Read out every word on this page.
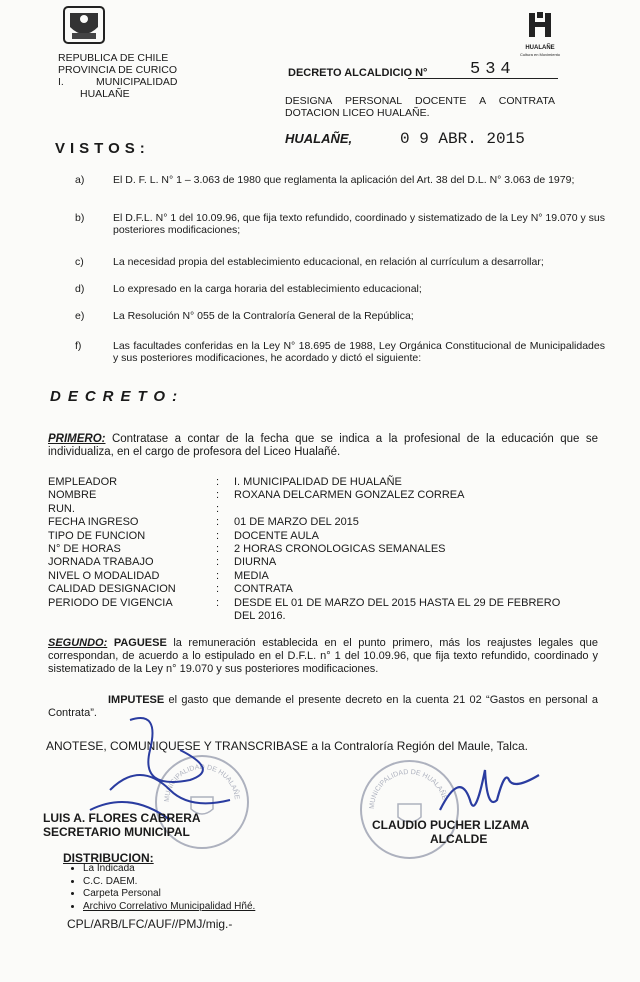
HUALAÑE
Cultura en Movimiento
REPUBLICA DE CHILE
PROVINCIA DE CURICO
I.	MUNICIPALIDAD
HUALAÑE
DECRETO ALCALDICIO N°	534
DESIGNA PERSONAL DOCENTE A CONTRATA DOTACION LICEO HUALAÑE.
HUALAÑE,	0 9 ABR. 2015
VISTOS:
a)	El D. F. L. N° 1 – 3.063 de 1980 que reglamenta la aplicación del Art. 38 del D.L. N° 3.063 de 1979;
b)	El D.F.L. N° 1 del 10.09.96, que fija texto refundido, coordinado y sistematizado de la Ley N° 19.070 y sus posteriores modificaciones;
c)	La necesidad propia del establecimiento educacional, en relación al currículum a desarrollar;
d)	Lo expresado en la carga horaria del establecimiento educacional;
e)	La Resolución N° 055 de la Contraloría General de la República;
f)	Las facultades conferidas en la Ley N° 18.695 de 1988, Ley Orgánica Constitucional de Municipalidades y sus posteriores modificaciones, he acordado y dictó el siguiente:
DECRETO:
PRIMERO: Contratase a contar de la fecha que se indica a la profesional de la educación que se individualiza, en el cargo de profesora del Liceo Hualañé.
EMPLEADOR	: I. MUNICIPALIDAD DE HUALAÑE
NOMBRE	: ROXANA DELCARMEN GONZALEZ CORREA
RUN.	:
FECHA INGRESO	: 01 DE MARZO DEL 2015
TIPO DE FUNCION	: DOCENTE AULA
N° DE HORAS	: 2 HORAS CRONOLOGICAS SEMANALES
JORNADA TRABAJO	: DIURNA
NIVEL O MODALIDAD	: MEDIA
CALIDAD DESIGNACION	: CONTRATA
PERIODO DE VIGENCIA	: DESDE EL 01 DE MARZO DEL 2015 HASTA EL 29 DE FEBRERO
DEL 2016.
SEGUNDO: PAGUESE la remuneración establecida en el punto primero, más los reajustes legales que correspondan, de acuerdo a lo estipulado en el D.F.L. n° 1 del 10.09.96, que fija texto refundido, coordinado y sistematizado de la Ley n° 19.070 y sus posteriores modificaciones.
IMPUTESE el gasto que demande el presente decreto en la cuenta 21 02 “Gastos en personal a Contrata”.
ANOTESE, COMUNIQUESE Y TRANSCRIBASE a la Contraloría Región del Maule, Talca.
MUNICIPALIDAD DE HUALAÑE
MUNICIPALIDAD DE HUALAÑE
LUIS A. FLORES CABRERA
SECRETARIO MUNICIPAL	CLAUDIO PUCHER LIZAMA
ALCALDE
DISTRIBUCION:
• La Indicada
• C.C. DAEM.
• Carpeta Personal
• Archivo Correlativo Municipalidad Hñé.
CPL/ARB/LFC/AUF//PMJ/mig.-
